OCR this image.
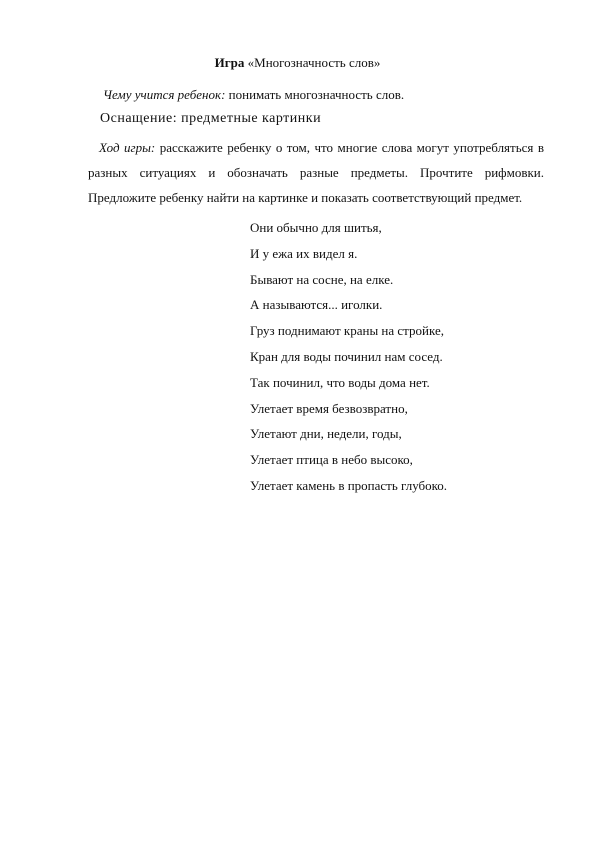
Игра «Многозначность слов»
Чему учится ребенок: понимать многозначность слов.
Оснащение: предметные картинки
Ход игры: расскажите ребенку о том, что многие слова могут употребляться в разных ситуациях и обозначать разные предметы. Прочтите рифмовки. Предложите ребенку найти на картинке и показать соответствующий предмет.
Они обычно для шитья,
И у ежа их видел я.
Бывают на сосне, на елке.
А называются... иголки.
Груз поднимают краны на стройке,
Кран для воды починил нам сосед.
Так починил, что воды дома нет.
Улетает время безвозвратно,
Улетают дни, недели, годы,
Улетает птица в небо высоко,
Улетает камень в пропасть глубоко.
